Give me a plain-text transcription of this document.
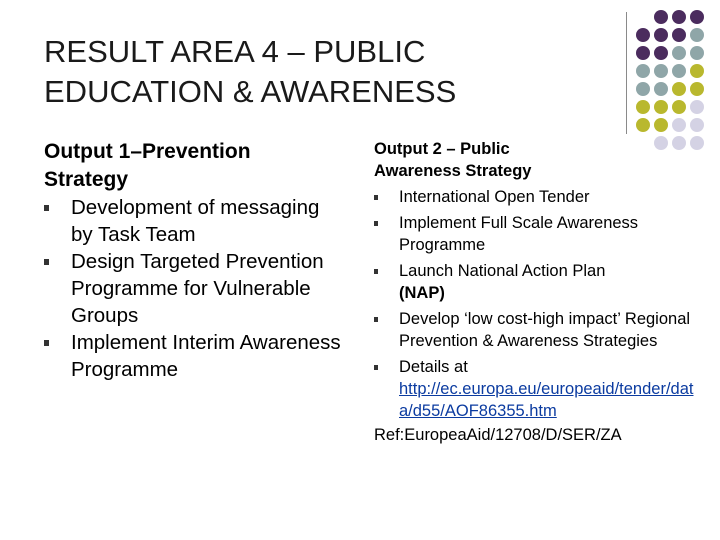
RESULT AREA 4 – PUBLIC
EDUCATION & AWARENESS
Output 1–Prevention
Strategy
Development of messaging by Task Team
Design Targeted Prevention Programme for Vulnerable Groups
Implement Interim Awareness Programme
Output 2 – Public
Awareness Strategy
International Open Tender
Implement Full Scale Awareness Programme
Launch National Action Plan
(NAP)
Develop ‘low cost-high impact’ Regional Prevention & Awareness Strategies
Details at
http://ec.europa.eu/europeaid/tender/data/d55/AOF86355.htm
Ref:EuropeaAid/12708/D/SER/ZA
